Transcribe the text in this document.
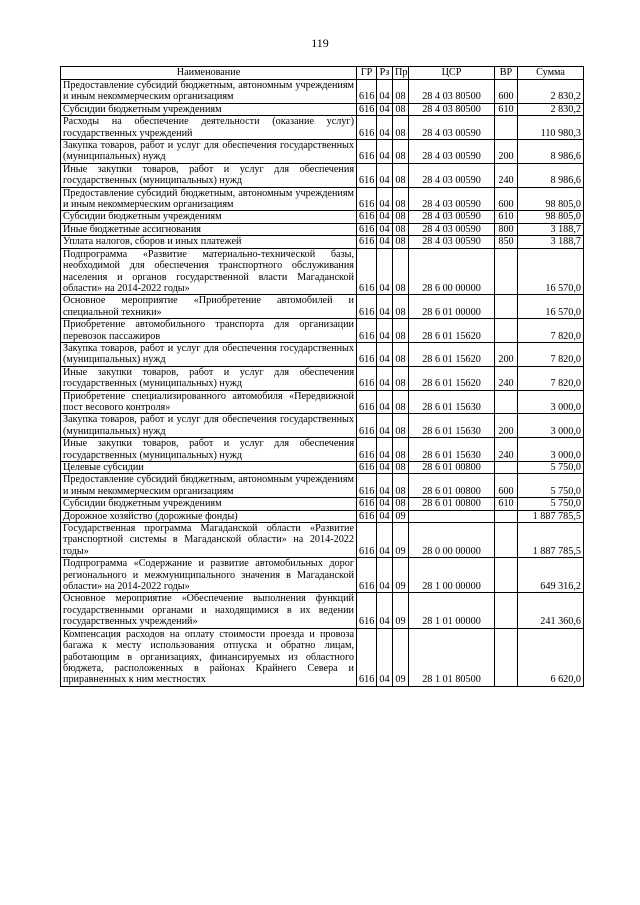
119
Наименование	ГР	Рз	Пр	ЦСР	ВР	Сумма
Предоставление субсидий бюджетным, автономным учреждениям и иным некоммерческим организациям	616	04	08	28 4 03 80500	600	2 830,2
Субсидии бюджетным учреждениям	616	04	08	28 4 03 80500	610	2 830,2
Расходы на обеспечение деятельности (оказание услуг) государственных учреждений	616	04	08	28 4 03 00590		110 980,3
Закупка товаров, работ и услуг для обеспечения государственных (муниципальных) нужд	616	04	08	28 4 03 00590	200	8 986,6
Иные закупки товаров, работ и услуг для обеспечения государственных (муниципальных) нужд	616	04	08	28 4 03 00590	240	8 986,6
Предоставление субсидий бюджетным, автономным учреждениям и иным некоммерческим организациям	616	04	08	28 4 03 00590	600	98 805,0
Субсидии бюджетным учреждениям	616	04	08	28 4 03 00590	610	98 805,0
Иные бюджетные ассигнования	616	04	08	28 4 03 00590	800	3 188,7
Уплата налогов, сборов и иных платежей	616	04	08	28 4 03 00590	850	3 188,7
Подпрограмма «Развитие материально-технической базы, необходимой для обеспечения транспортного обслуживания населения и органов государственной власти Магаданской области» на 2014-2022 годы»	616	04	08	28 6 00 00000		16 570,0
Основное мероприятие «Приобретение автомобилей и специальной техники»	616	04	08	28 6 01 00000		16 570,0
Приобретение автомобильного транспорта для организации перевозок пассажиров	616	04	08	28 6 01 15620		7 820,0
Закупка товаров, работ и услуг для обеспечения государственных (муниципальных) нужд	616	04	08	28 6 01 15620	200	7 820,0
Иные закупки товаров, работ и услуг для обеспечения государственных (муниципальных) нужд	616	04	08	28 6 01 15620	240	7 820,0
Приобретение специализированного автомобиля «Передвижной пост весового контроля»	616	04	08	28 6 01 15630		3 000,0
Закупка товаров, работ и услуг для обеспечения государственных (муниципальных) нужд	616	04	08	28 6 01 15630	200	3 000,0
Иные закупки товаров, работ и услуг для обеспечения государственных (муниципальных) нужд	616	04	08	28 6 01 15630	240	3 000,0
Целевые субсидии	616	04	08	28 6 01 00800		5 750,0
Предоставление субсидий бюджетным, автономным учреждениям и иным некоммерческим организациям	616	04	08	28 6 01 00800	600	5 750,0
Субсидии бюджетным учреждениям	616	04	08	28 6 01 00800	610	5 750,0
Дорожное хозяйство (дорожные фонды)	616	04	09			1 887 785,5
Государственная программа Магаданской области «Развитие транспортной системы в Магаданской области» на 2014-2022 годы»	616	04	09	28 0 00 00000		1 887 785,5
Подпрограмма «Содержание и развитие автомобильных дорог регионального и межмуниципального значения в Магаданской области» на 2014-2022 годы»	616	04	09	28 1 00 00000		649 316,2
Основное мероприятие «Обеспечение выполнения функций государственными органами и находящимися в их ведении государственных учреждений»	616	04	09	28 1 01 00000		241 360,6
Компенсация расходов на оплату стоимости проезда и провоза багажа к месту использования отпуска и обратно лицам, работающим в организациях, финансируемых из областного бюджета, расположенных в районах Крайнего Севера и приравненных к ним местностях	616	04	09	28 1 01 80500		6 620,0
